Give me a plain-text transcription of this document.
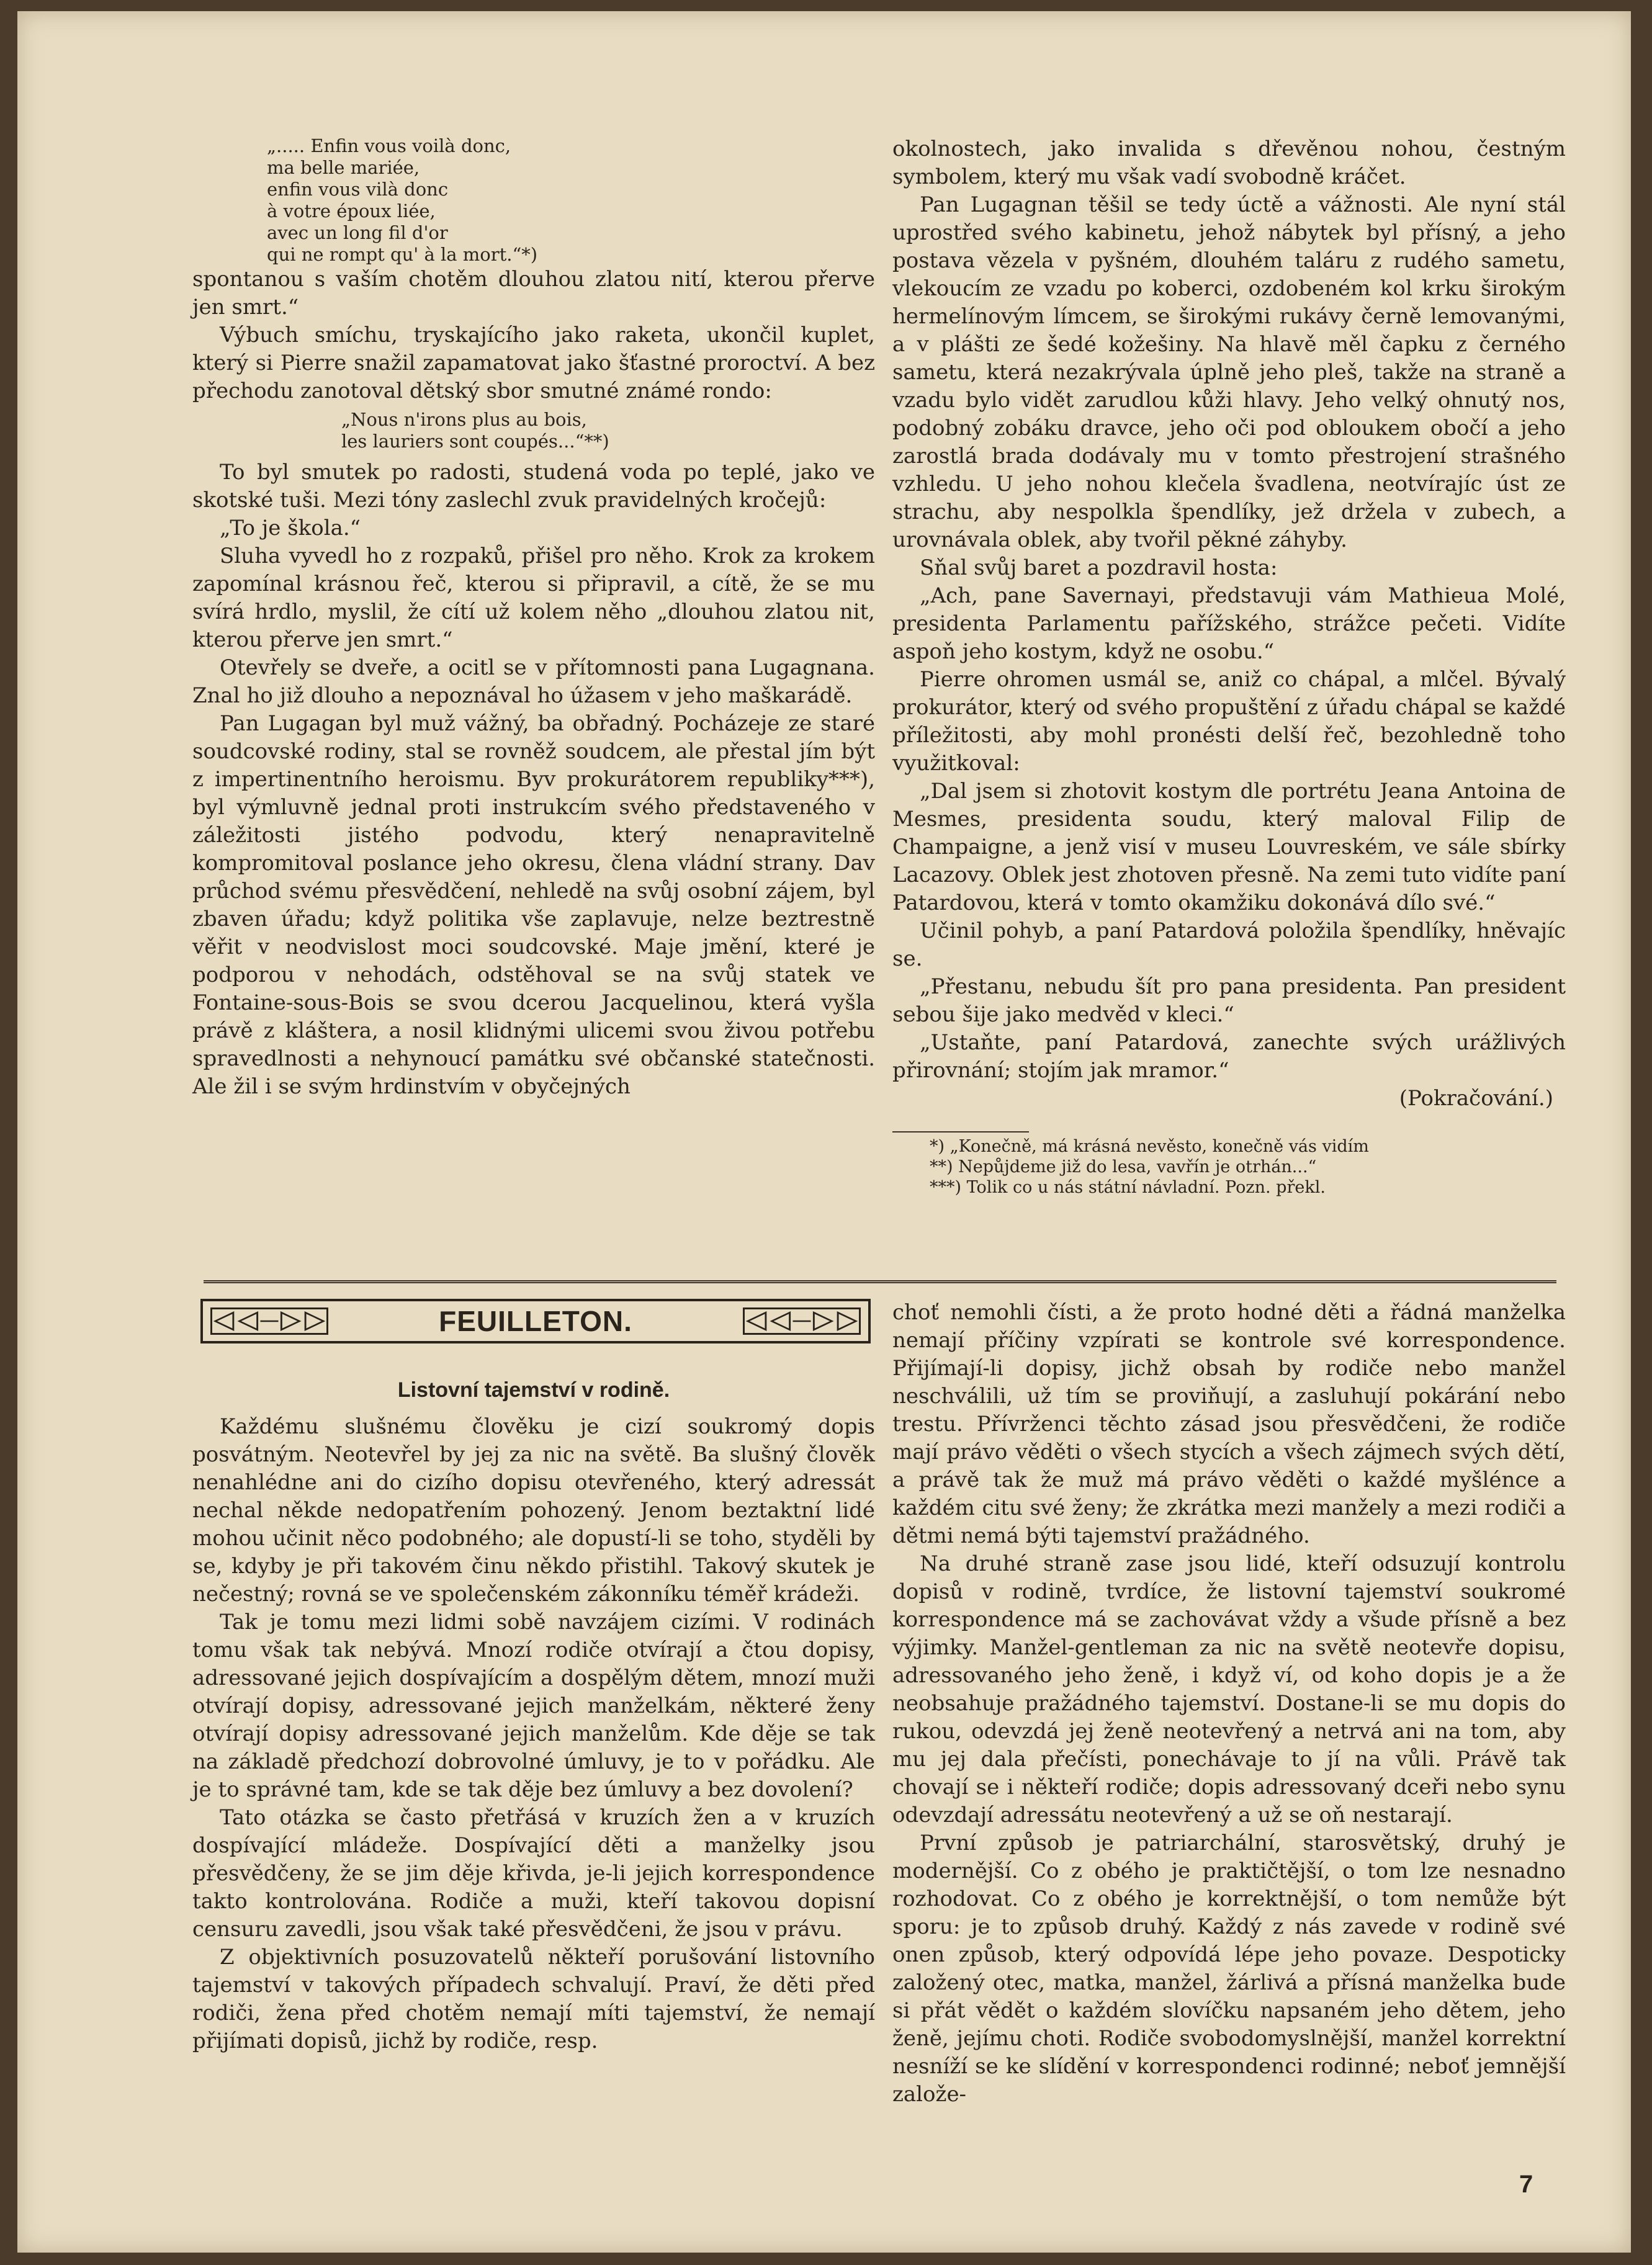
„..... Enfin vous voilà donc,
ma belle mariée,
enfin vous vilà donc
à votre époux liée,
avec un long fil d'or
qui ne rompt qu' à la mort.“*)

spontanou s vaším chotěm dlouhou zlatou nití, kterou přerve jen smrt.“

Výbuch smíchu, tryskajícího jako raketa, ukončil kuplet, který si Pierre snažil zapamatovat jako šťastné proroctví. A bez přechodu zanotoval dětský sbor smutné známé rondo:

„Nous n'irons plus au bois,
les lauriers sont coupés...“**)

To byl smutek po radosti, studená voda po teplé, jako ve skotské tuši. Mezi tóny zaslechl zvuk pravidelných kročejů:

„To je škola.“

Sluha vyvedl ho z rozpaků, přišel pro něho. Krok za krokem zapomínal krásnou řeč, kterou si připravil, a cítě, že se mu svírá hrdlo, myslil, že cítí už kolem něho „dlouhou zlatou nit, kterou přerve jen smrt.“

Otevřely se dveře, a ocitl se v přítomnosti pana Lugagnana. Znal ho již dlouho a nepoznával ho úžasem v jeho maškarádě.

Pan Lugagan byl muž vážný, ba obřadný. Pocházeje ze staré soudcovské rodiny, stal se rovněž soudcem, ale přestal jím být z impertinentního heroismu. Byv prokurátorem republiky***), byl výmluvně jednal proti instrukcím svého představeného v záležitosti jistého podvodu, který nenapravitelně kompromitoval poslance jeho okresu, člena vládní strany. Dav průchod svému přesvědčení, nehledě na svůj osobní zájem, byl zbaven úřadu; když politika vše zaplavuje, nelze beztrestně věřit v neodvislost moci soudcovské. Maje jmění, které je podporou v nehodách, odstěhoval se na svůj statek ve Fontaine-sous-Bois se svou dcerou Jacquelinou, která vyšla právě z kláštera, a nosil klidnými ulicemi svou živou potřebu spravedlnosti a nehynoucí památku své občanské statečnosti. Ale žil i se svým hrdinstvím v obyčejných

okolnostech, jako invalida s dřevěnou nohou, čestným symbolem, který mu však vadí svobodně kráčet.

Pan Lugagnan těšil se tedy úctě a vážnosti. Ale nyní stál uprostřed svého kabinetu, jehož nábytek byl přísný, a jeho postava vězela v pyšném, dlouhém taláru z rudého sametu, vlekoucím ze vzadu po koberci, ozdobeném kol krku širokým hermelínovým límcem, se širokými rukávy černě lemovanými, a v plášti ze šedé kožešiny. Na hlavě měl čapku z černého sametu, která nezakrývala úplně jeho pleš, takže na straně a vzadu bylo vidět zarudlou kůži hlavy. Jeho velký ohnutý nos, podobný zobáku dravce, jeho oči pod obloukem obočí a jeho zarostlá brada dodávaly mu v tomto přestrojení strašného vzhledu. U jeho nohou klečela švadlena, neotvírajíc úst ze strachu, aby nespolkla špendlíky, jež držela v zubech, a urovnávala oblek, aby tvořil pěkné záhyby.

Sňal svůj baret a pozdravil hosta:

„Ach, pane Savernayi, představuji vám Mathieua Molé, presidenta Parlamentu pařížského, strážce pečeti. Vidíte aspoň jeho kostym, když ne osobu.“

Pierre ohromen usmál se, aniž co chápal, a mlčel. Bývalý prokurátor, který od svého propuštění z úřadu chápal se každé příležitosti, aby mohl pronésti delší řeč, bezohledně toho využitkoval:

„Dal jsem si zhotovit kostym dle portrétu Jeana Antoina de Mesmes, presidenta soudu, který maloval Filip de Champaigne, a jenž visí v museu Louvreském, ve sále sbírky Lacazovy. Oblek jest zhotoven přesně. Na zemi tuto vidíte paní Patardovou, která v tomto okamžiku dokonává dílo své.“

Učinil pohyb, a paní Patardová položila špendlíky, hněvajíc se.

„Přestanu, nebudu šít pro pana presidenta. Pan president sebou šije jako medvěd v kleci.“

„Ustaňte, paní Patardová, zanechte svých urážlivých přirovnání; stojím jak mramor.“

(Pokračování.)
*) „Konečně, má krásná nevěsto, konečně vás vidím
**) Nepůjdeme již do lesa, vavřín je otrhán...“
***) Tolik co u nás státní návladní. Pozn. překl.
FEUILLETON.
Listovní tajemství v rodině.

Každému slušnému člověku je cizí soukromý dopis posvátným. Neotevřel by jej za nic na světě. Ba slušný člověk nenahlédne ani do cizího dopisu otevřeného, který adressát nechal někde nedopatřením pohozený. Jenom beztaktní lidé mohou učinit něco podobného; ale dopustí-li se toho, styděli by se, kdyby je při takovém činu někdo přistihl. Takový skutek je nečestný; rovná se ve společenském zákonníku téměř krádeži.

Tak je tomu mezi lidmi sobě navzájem cizími. V rodinách tomu však tak nebývá. Mnozí rodiče otvírají a čtou dopisy, adressované jejich dospívajícím a dospělým dětem, mnozí muži otvírají dopisy, adressované jejich manželkám, některé ženy otvírají dopisy adressované jejich manželům. Kde děje se tak na základě předchozí dobrovolné úmluvy, je to v pořádku. Ale je to správné tam, kde se tak děje bez úmluvy a bez dovolení?

Tato otázka se často přetřásá v kruzích žen a v kruzích dospívající mládeže. Dospívající děti a manželky jsou přesvědčeny, že se jim děje křivda, je-li jejich korrespondence takto kontrolována. Rodiče a muži, kteří takovou dopisní censuru zavedli, jsou však také přesvědčeni, že jsou v právu.

Z objektivních posuzovatelů někteří porušování listovního tajemství v takových případech schvalují. Praví, že děti před rodiči, žena před chotěm nemají míti tajemství, že nemají přijímati dopisů, jichž by rodiče, resp.

choť nemohli čísti, a že proto hodné děti a řádná manželka nemají příčiny vzpírati se kontrole své korrespondence. Přijímají-li dopisy, jichž obsah by rodiče nebo manžel neschválili, už tím se proviňují, a zasluhují pokárání nebo trestu. Přívrženci těchto zásad jsou přesvědčeni, že rodiče mají právo věděti o všech stycích a všech zájmech svých dětí, a právě tak že muž má právo věděti o každé myšlénce a každém citu své ženy; že zkrátka mezi manžely a mezi rodiči a dětmi nemá býti tajemství pražádného.

Na druhé straně zase jsou lidé, kteří odsuzují kontrolu dopisů v rodině, tvrdíce, že listovní tajemství soukromé korrespondence má se zachovávat vždy a všude přísně a bez výjimky. Manžel-gentleman za nic na světě neotevře dopisu, adressovaného jeho ženě, i když ví, od koho dopis je a že neobsahuje pražádného tajemství. Dostane-li se mu dopis do rukou, odevzdá jej ženě neotevřený a netrvá ani na tom, aby mu jej dala přečísti, ponechávaje to jí na vůli. Právě tak chovají se i někteří rodiče; dopis adressovaný dceři nebo synu odevzdají adressátu neotevřený a už se oň nestarají.

První způsob je patriarchální, starosvětský, druhý je modernější. Co z obého je praktičtější, o tom lze nesnadno rozhodovat. Co z obého je korrektnější, o tom nemůže být sporu: je to způsob druhý. Každý z nás zavede v rodině své onen způsob, který odpovídá lépe jeho povaze. Despoticky založený otec, matka, manžel, žárlivá a přísná manželka bude si přát vědět o každém slovíčku napsaném jeho dětem, jeho ženě, jejímu choti. Rodiče svobodomyslnější, manžel korrektní nesníží se ke slídění v korrespondenci rodinné; neboť jemnější založe-

7
